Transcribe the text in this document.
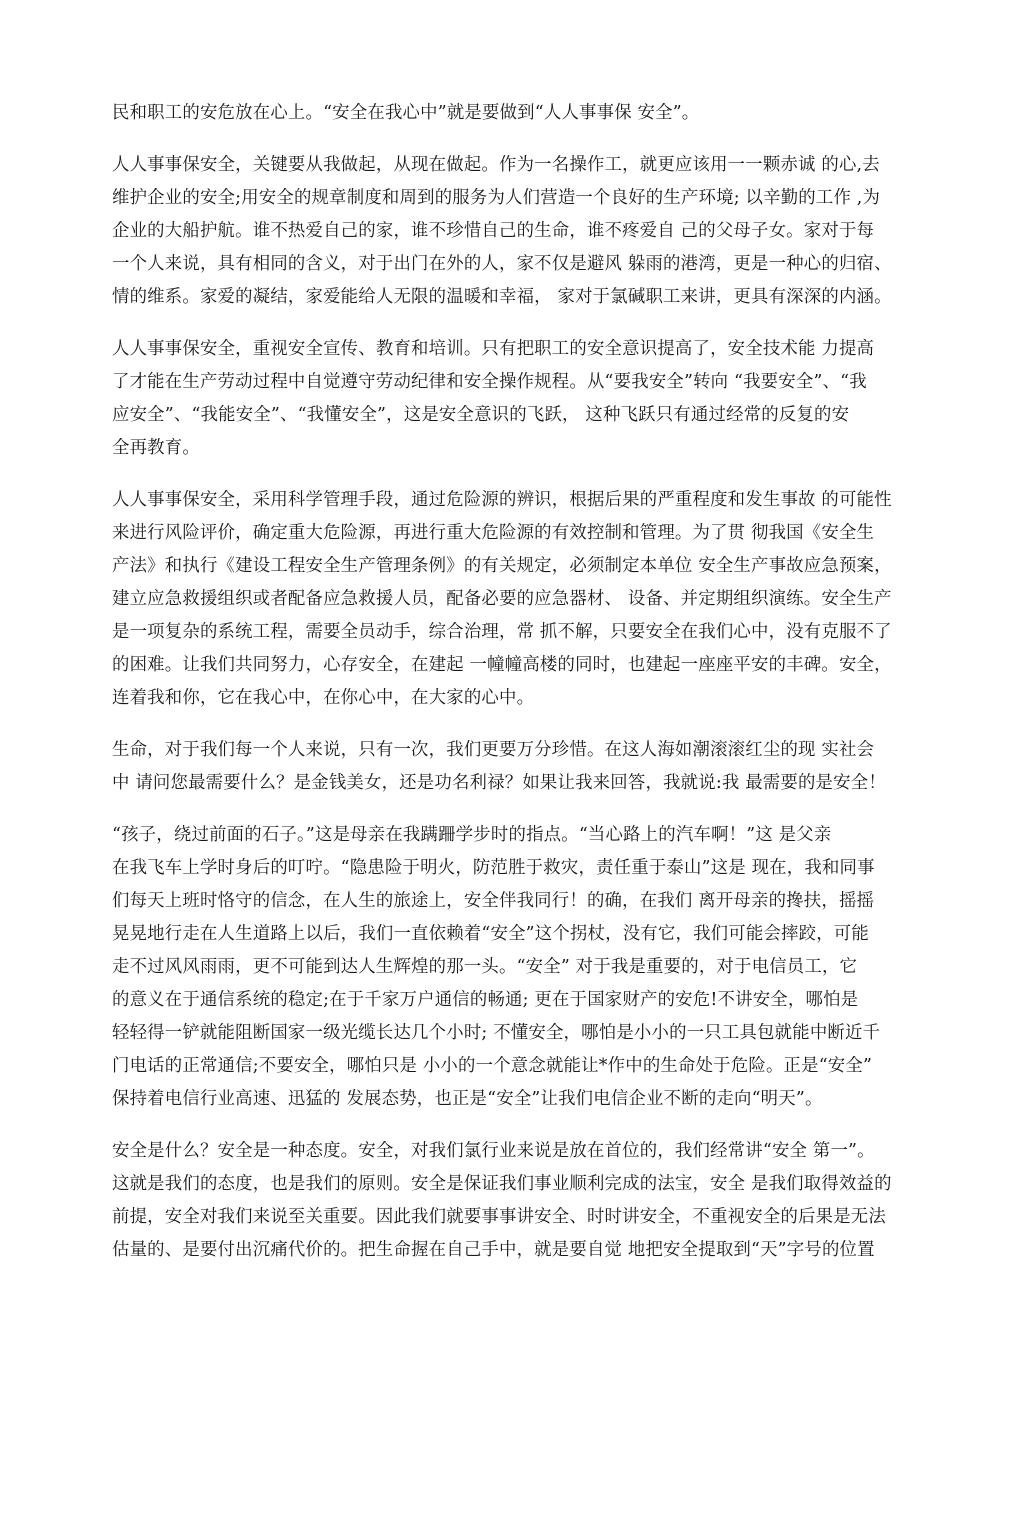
民和职工的安危放在心上。“安全在我心中”就是要做到“人人事事保 安全”。
人人事事保安全，关键要从我做起，从现在做起。作为一名操作工，就更应该用一一颗赤诚 的心,去
维护企业的安全;用安全的规章制度和周到的服务为人们营造一个良好的生产环境; 以辛勤的工作 ,为
企业的大船护航。谁不热爱自己的家，谁不珍惜自己的生命，谁不疼爱自 己的父母子女。家对于每
一个人来说，具有相同的含义，对于出门在外的人，家不仅是避风 躲雨的港湾，更是一种心的归宿、
情的维系。家爱的凝结，家爱能给人无限的温暖和幸福， 家对于氯碱职工来讲，更具有深深的内涵。
人人事事保安全，重视安全宣传、教育和培训。只有把职工的安全意识提高了，安全技术能 力提高
了才能在生产劳动过程中自觉遵守劳动纪律和安全操作规程。从“要我安全”转向 “我要安全”、“我
应安全”、“我能安全”、“我懂安全”，这是安全意识的飞跃， 这种飞跃只有通过经常的反复的安
全再教育。
人人事事保安全，采用科学管理手段，通过危险源的辨识，根据后果的严重程度和发生事故 的可能性
来进行风险评价，确定重大危险源，再进行重大危险源的有效控制和管理。为了贯 彻我国《安全生
产法》和执行《建设工程安全生产管理条例》的有关规定，必须制定本单位 安全生产事故应急预案，
建立应急救援组织或者配备应急救援人员，配备必要的应急器材、 设备、并定期组织演练。安全生产
是一项复杂的系统工程，需要全员动手，综合治理，常 抓不解，只要安全在我们心中，没有克服不了
的困难。让我们共同努力，心存安全，在建起 一幢幢高楼的同时，也建起一座座平安的丰碑。安全，
连着我和你，它在我心中，在你心中，在大家的心中。
生命，对于我们每一个人来说，只有一次，我们更要万分珍惜。在这人海如潮滚滚红尘的现 实社会
中 请问您最需要什么？是金钱美女，还是功名利禄？如果让我来回答，我就说:我 最需要的是安全！
“孩子，绕过前面的石子。”这是母亲在我蹒跚学步时的指点。“当心路上的汽车啊！”这 是父亲
在我飞车上学时身后的叮咛。“隐患险于明火，防范胜于救灾，责任重于泰山”这是 现在，我和同事
们每天上班时恪守的信念，在人生的旅途上，安全伴我同行！的确，在我们 离开母亲的搀扶，摇摇
晃晃地行走在人生道路上以后，我们一直依赖着“安全”这个拐杖，没有它，我们可能会摔跤，可能
走不过风风雨雨，更不可能到达人生辉煌的那一头。“安全” 对于我是重要的，对于电信员工，它
的意义在于通信系统的稳定;在于千家万户通信的畅通; 更在于国家财产的安危!不讲安全，哪怕是
轻轻得一铲就能阻断国家一级光缆长达几个小时; 不懂安全，哪怕是小小的一只工具包就能中断近千
门电话的正常通信;不要安全，哪怕只是 小小的一个意念就能让*作中的生命处于危险。正是“安全”
保持着电信行业高速、迅猛的 发展态势，也正是“安全”让我们电信企业不断的走向“明天”。
安全是什么？安全是一种态度。安全，对我们氯行业来说是放在首位的，我们经常讲“安全 第一”。
这就是我们的态度，也是我们的原则。安全是保证我们事业顺利完成的法宝，安全 是我们取得效益的
前提，安全对我们来说至关重要。因此我们就要事事讲安全、时时讲安全，不重视安全的后果是无法
估量的、是要付出沉痛代价的。把生命握在自己手中，就是要自觉 地把安全提取到“天”字号的位置
